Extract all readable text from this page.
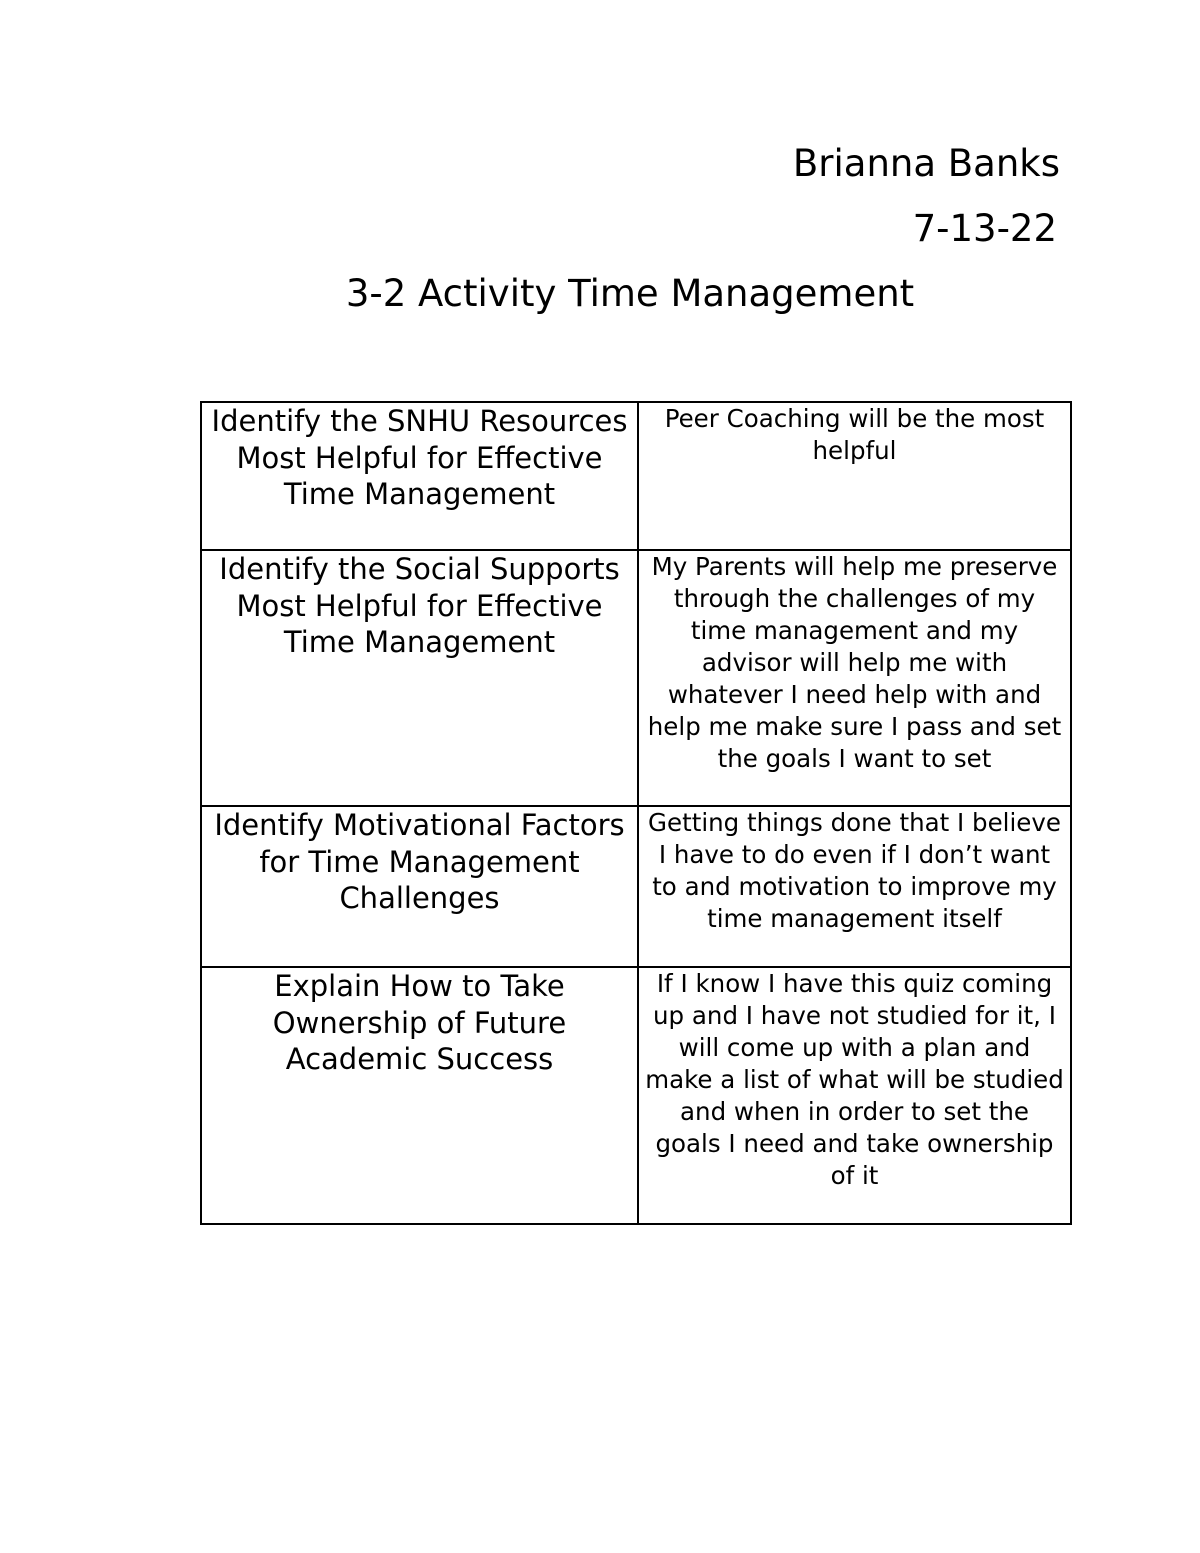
Brianna Banks
7-13-22
3-2 Activity Time Management
Identify the SNHU Resources Most Helpful for Effective Time Management	Peer Coaching will be the most helpful
Identify the Social Supports Most Helpful for Effective Time Management	My Parents will help me preserve through the challenges of my time management and my advisor will help me with whatever I need help with and help me make sure I pass and set the goals I want to set
Identify Motivational Factors for Time Management Challenges	Getting things done that I believe I have to do even if I don’t want to and motivation to improve my time management itself
Explain How to Take Ownership of Future Academic Success	If I know I have this quiz coming up and I have not studied for it, I will come up with a plan and make a list of what will be studied and when in order to set the goals I need and take ownership of it
